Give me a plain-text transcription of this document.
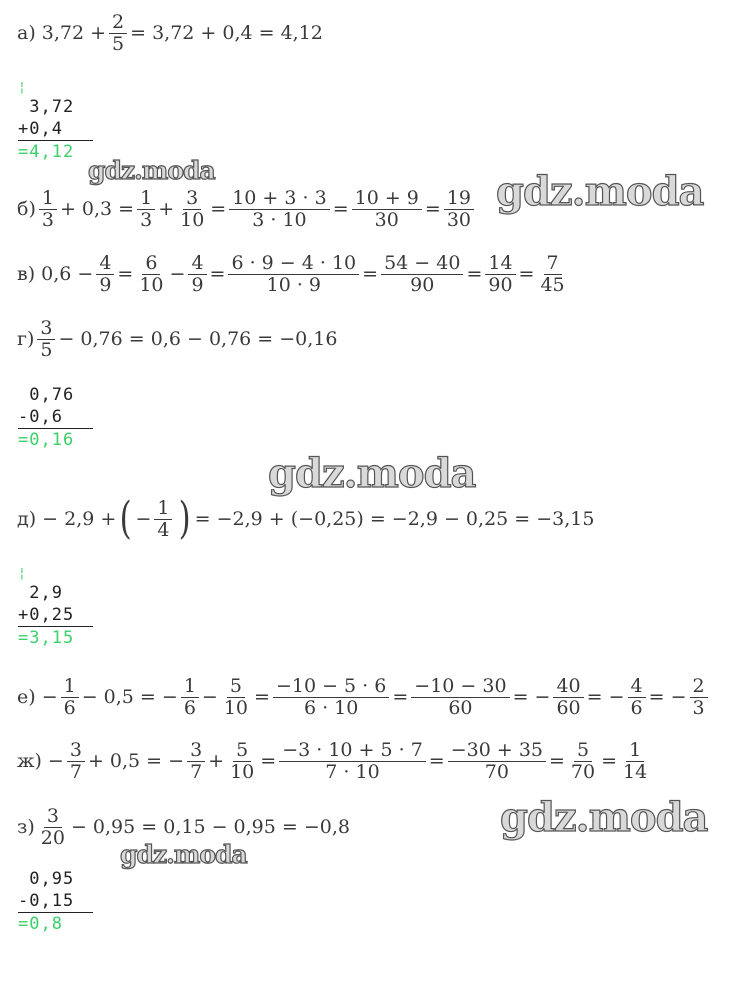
а) $3,72 + \frac{2}{5} = 3,72 + 0,4 = 4,12$
¦
3,72
+0,4
=4,12
$б) \frac{1}{3} + 0,3 = \frac{1}{3} + \frac{3}{10} = \frac{10 + 3 \cdot 3}{3 \cdot 10} = \frac{10 + 9}{30} = \frac{19}{30}$
в) $0,6 - \frac{4}{9} = \frac{6}{10} - \frac{4}{9} = \frac{6 \cdot 9 - 4 \cdot 10}{10 \cdot 9} = \frac{54 - 40}{90} = \frac{14}{90} = \frac{7}{45}$
$г) \frac{3}{5} - 0,76 = 0,6 - 0,76 = -0,16$
0,76
-0,6
=0,16
д) − 2,9 + ( − $\frac{1}{4}$ ) = −2,9 + (−0,25) = −2,9 − 0,25 = −3,15
¦
2,9
+0,25
=3,15
$е) - \frac{1}{6} - 0,5$ = − $\frac{1}{6} - \frac{5}{10} = \frac{-10 - 5 \cdot 6}{6 \cdot 10} = \frac{-10 - 30}{60}$ = − $\frac{40}{60}$ = − $\frac{4}{6}$ = − $\frac{2}{3}$
$ж) - \frac{3}{7} + 0,5$ = − $\frac{3}{7} + \frac{5}{10} = \frac{-3 \cdot 10 + 5 \cdot 7}{7 \cdot 10} = \frac{-30 + 35}{70} = \frac{5}{70} = \frac{1}{14}$
$з) \frac{3}{20} - 0,95 = 0,15 - 0,95 = -0,8$
0,95
-0,15
=0,8
gdz.moda	gdz.moda
gdz.moda
gdz.moda
gdz.moda
